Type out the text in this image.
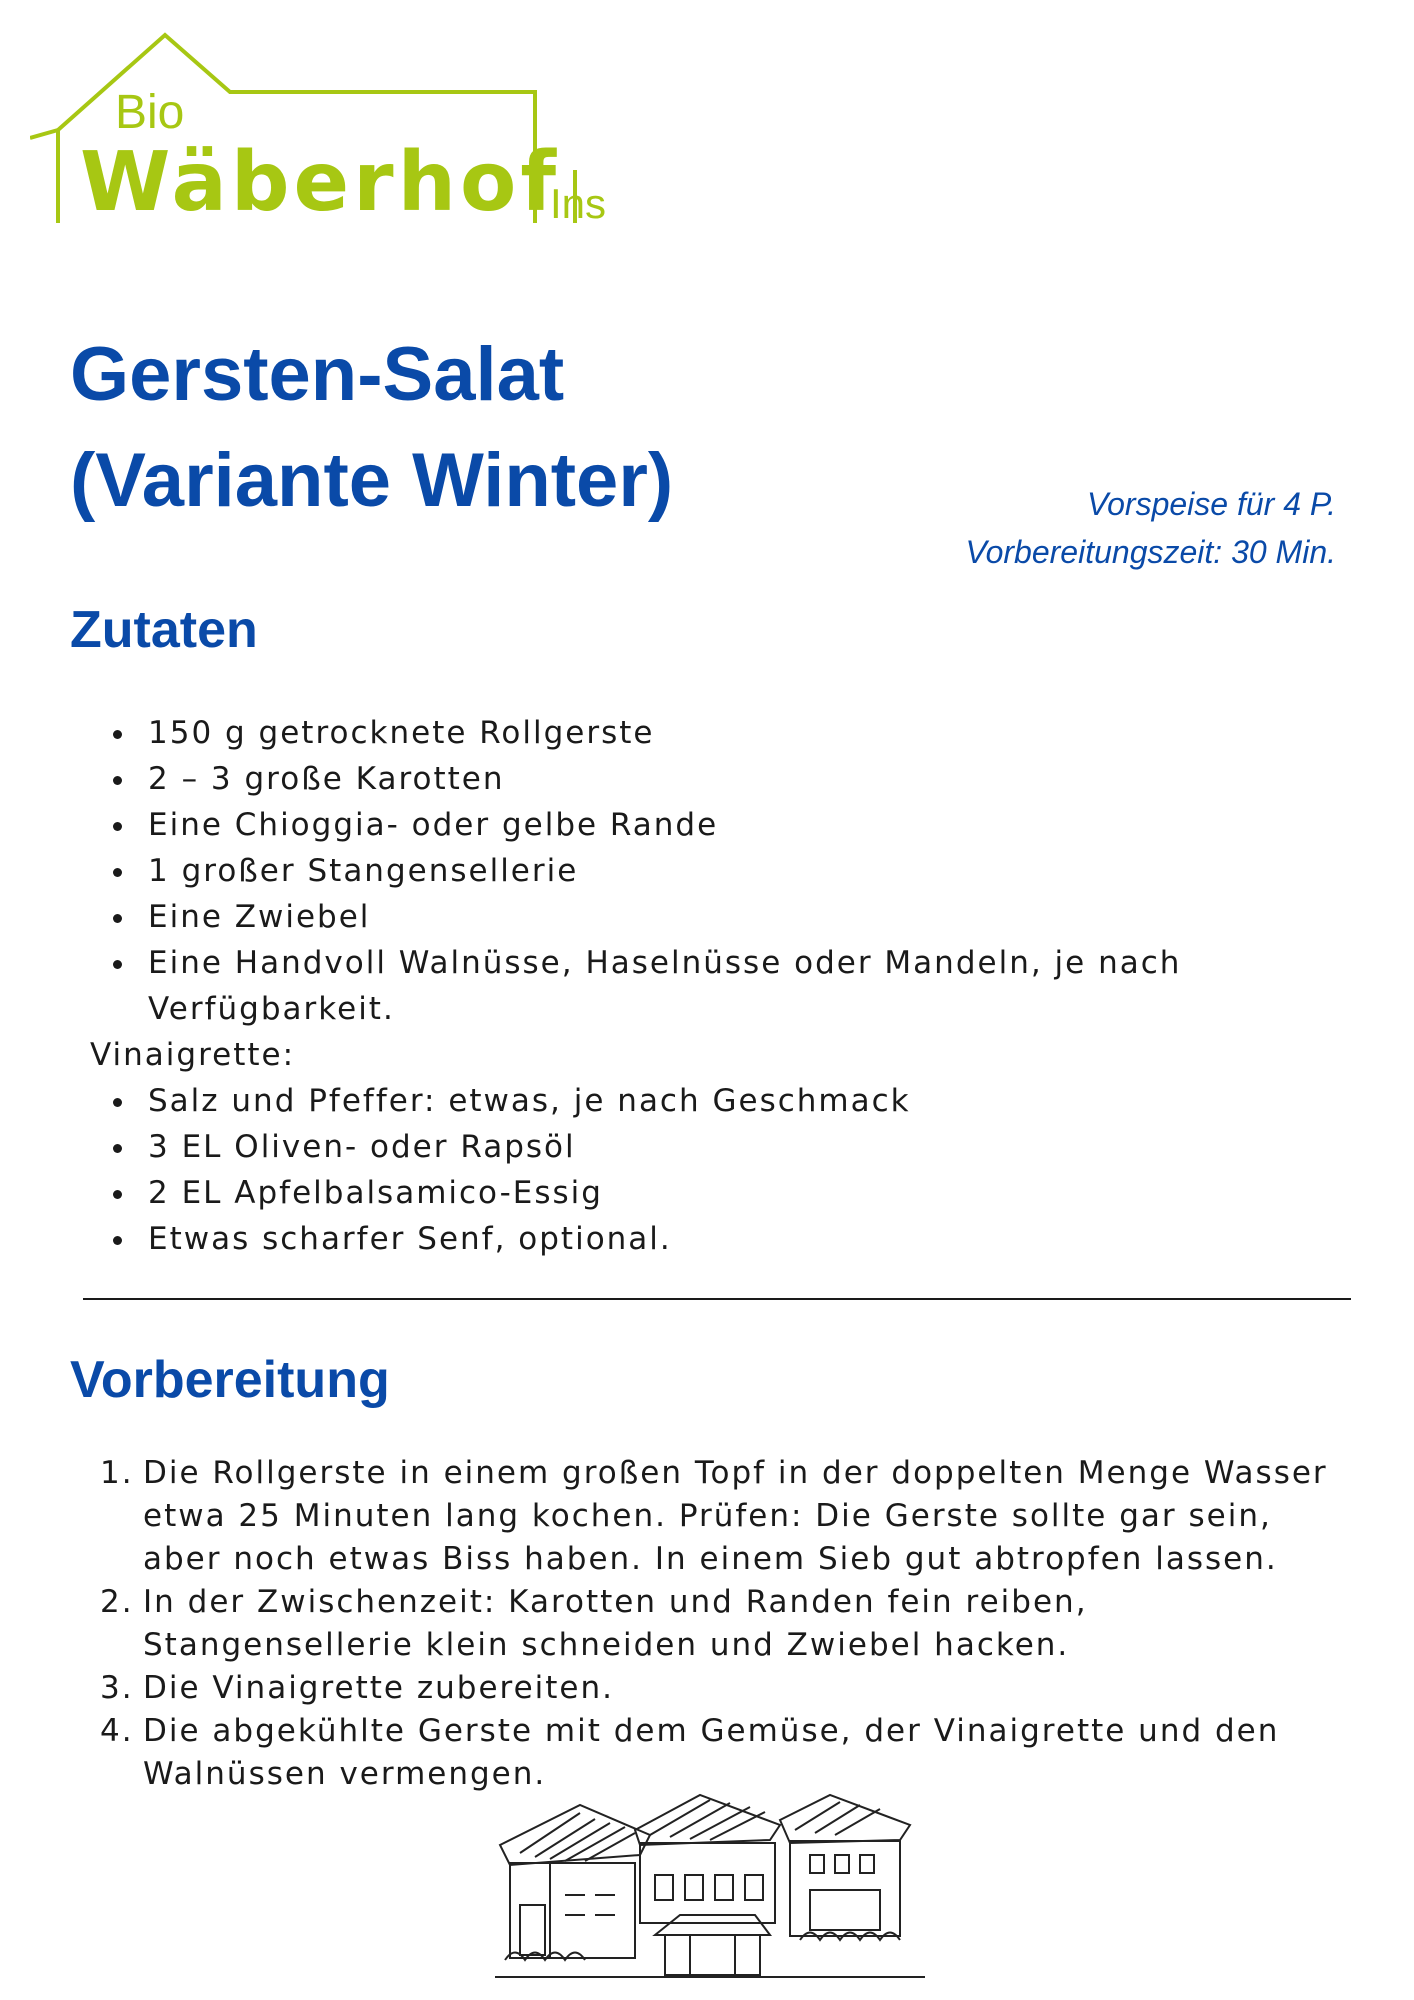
Bio
Wäberhof
Ins
Gersten-Salat
(Variante Winter)	Vorspeise für 4 P.
Vorbereitungszeit: 30 Min.
Zutaten
150 g getrocknete Rollgerste
2 – 3 große Karotten
Eine Chioggia- oder gelbe Rande
1 großer Stangensellerie
Eine Zwiebel
Eine Handvoll Walnüsse, Haselnüsse oder Mandeln, je nach Verfügbarkeit.
Vinaigrette:
Salz und Pfeffer: etwas, je nach Geschmack
3 EL Oliven- oder Rapsöl
2 EL Apfelbalsamico-Essig
Etwas scharfer Senf, optional.
Vorbereitung
1. Die Rollgerste in einem großen Topf in der doppelten Menge Wasser etwa 25 Minuten lang kochen. Prüfen: Die Gerste sollte gar sein, aber noch etwas Biss haben. In einem Sieb gut abtropfen lassen.
2. In der Zwischenzeit: Karotten und Randen fein reiben, Stangensellerie klein schneiden und Zwiebel hacken.
3. Die Vinaigrette zubereiten.
4. Die abgekühlte Gerste mit dem Gemüse, der Vinaigrette und den Walnüssen vermengen.
